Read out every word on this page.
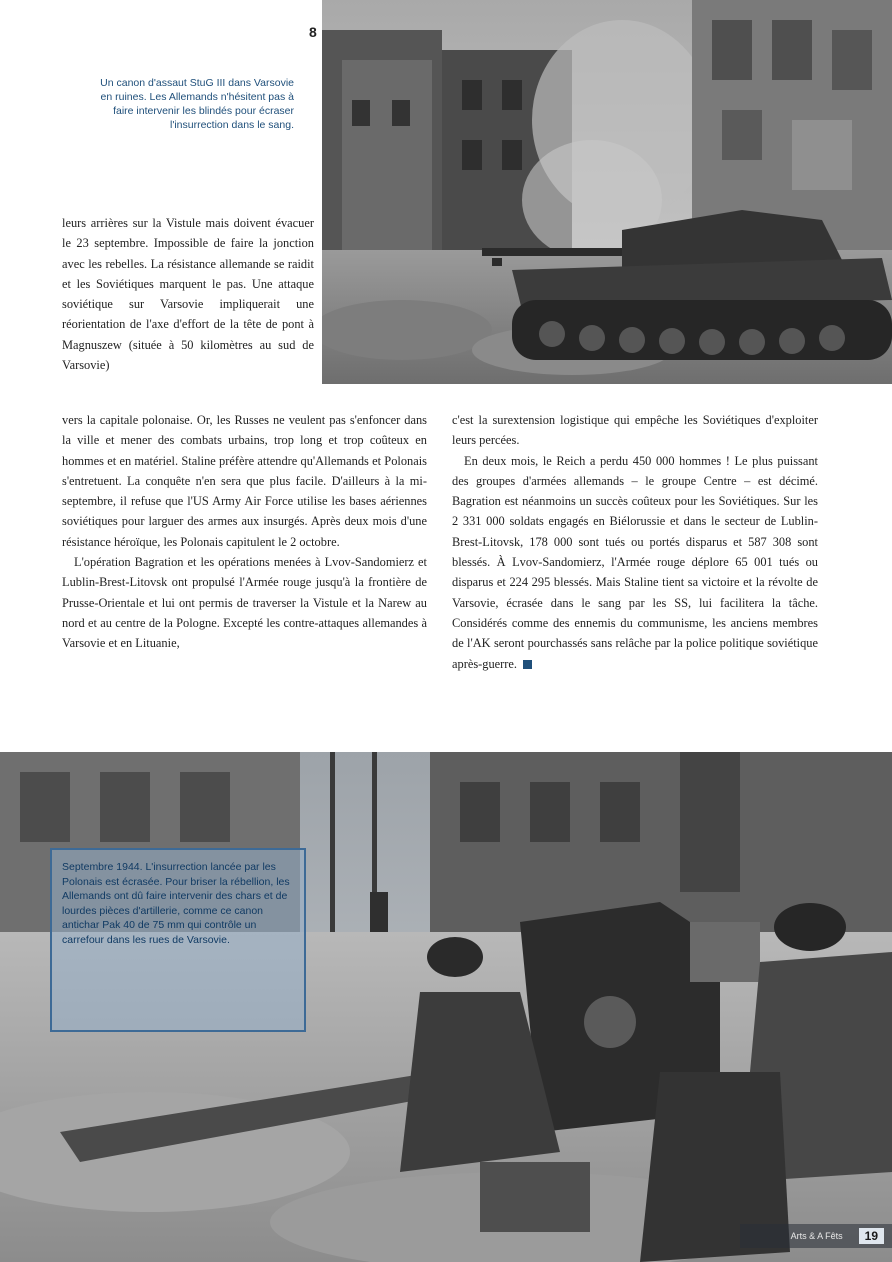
8
Un canon d'assaut StuG III dans Varsovie en ruines. Les Allemands n'hésitent pas à faire intervenir les blindés pour écraser l'insurrection dans le sang.

leurs arrières sur la Vistule mais doivent évacuer le 23 septembre. Impossible de faire la jonction avec les rebelles. La résistance allemande se raidit et les Soviétiques marquent le pas. Une attaque soviétique sur Varsovie impliquerait une réorientation de l'axe d'effort de la tête de pont à Magnuszew (située à 50 kilomètres au sud de Varsovie)

vers la capitale polonaise. Or, les Russes ne veulent pas s'enfoncer dans la ville et mener des combats urbains, trop long et trop coûteux en hommes et en matériel. Staline préfère attendre qu'Allemands et Polonais s'entretuent. La conquête n'en sera que plus facile. D'ailleurs à la mi-septembre, il refuse que l'US Army Air Force utilise les bases aériennes soviétiques pour larguer des armes aux insurgés. Après deux mois d'une résistance héroïque, les Polonais capitulent le 2 octobre.

L'opération Bagration et les opérations menées à Lvov-Sandomierz et Lublin-Brest-Litovsk ont propulsé l'Armée rouge jusqu'à la frontière de Prusse-Orientale et lui ont permis de traverser la Vistule et la Narew au nord et au centre de la Pologne. Excepté les contre-attaques allemandes à Varsovie et en Lituanie,

c'est la surextension logistique qui empêche les Soviétiques d'exploiter leurs percées.

En deux mois, le Reich a perdu 450 000 hommes ! Le plus puissant des groupes d'armées allemands – le groupe Centre – est décimé. Bagration est néanmoins un succès coûteux pour les Soviétiques. Sur les 2 331 000 soldats engagés en Biélorussie et dans le secteur de Lublin-Brest-Litovsk, 178 000 sont tués ou portés disparus et 587 308 sont blessés. À Lvov-Sandomierz, l'Armée rouge déplore 65 001 tués ou disparus et 224 295 blessés. Mais Staline tient sa victoire et la révolte de Varsovie, écrasée dans le sang par les SS, lui facilitera la tâche. Considérés comme des ennemis du communisme, les anciens membres de l'AK seront pourchassés sans relâche par la police politique soviétique après-guerre.

Septembre 1944. L'insurrection lancée par les Polonais est écrasée. Pour briser la rébellion, les Allemands ont dû faire intervenir des chars et de lourdes pièces d'artillerie, comme ce canon antichar Pak 40 de 75 mm qui contrôle un carrefour dans les rues de Varsovie.
Arts & A Fêts	19
